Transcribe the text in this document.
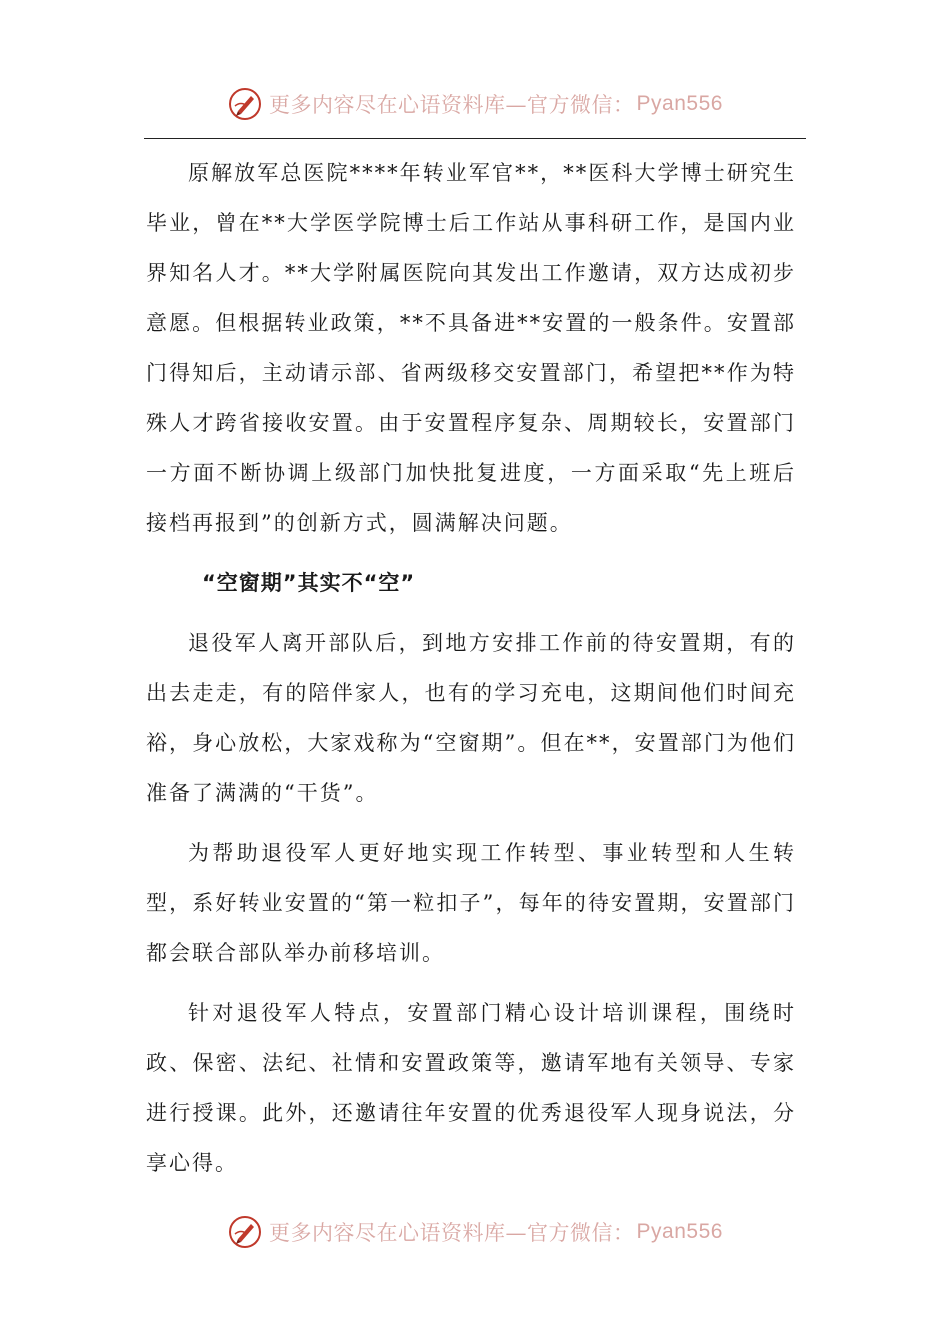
更多内容尽在心语资料库—官方微信： Pyan556

原解放军总医院****年转业军官**，**医科大学博士研究生毕业，曾在**大学医学院博士后工作站从事科研工作，是国内业界知名人才。**大学附属医院向其发出工作邀请，双方达成初步意愿。但根据转业政策，**不具备进**安置的一般条件。安置部门得知后，主动请示部、省两级移交安置部门，希望把**作为特殊人才跨省接收安置。由于安置程序复杂、周期较长，安置部门一方面不断协调上级部门加快批复进度，一方面采取“先上班后接档再报到”的创新方式，圆满解决问题。

“空窗期”其实不“空”

退役军人离开部队后，到地方安排工作前的待安置期，有的出去走走，有的陪伴家人，也有的学习充电，这期间他们时间充裕，身心放松，大家戏称为“空窗期”。但在**，安置部门为他们准备了满满的“干货”。

为帮助退役军人更好地实现工作转型、事业转型和人生转型，系好转业安置的“第一粒扣子”，每年的待安置期，安置部门都会联合部队举办前移培训。

针对退役军人特点，安置部门精心设计培训课程，围绕时政、保密、法纪、社情和安置政策等，邀请军地有关领导、专家进行授课。此外，还邀请往年安置的优秀退役军人现身说法，分享心得。

更多内容尽在心语资料库—官方微信： Pyan556
